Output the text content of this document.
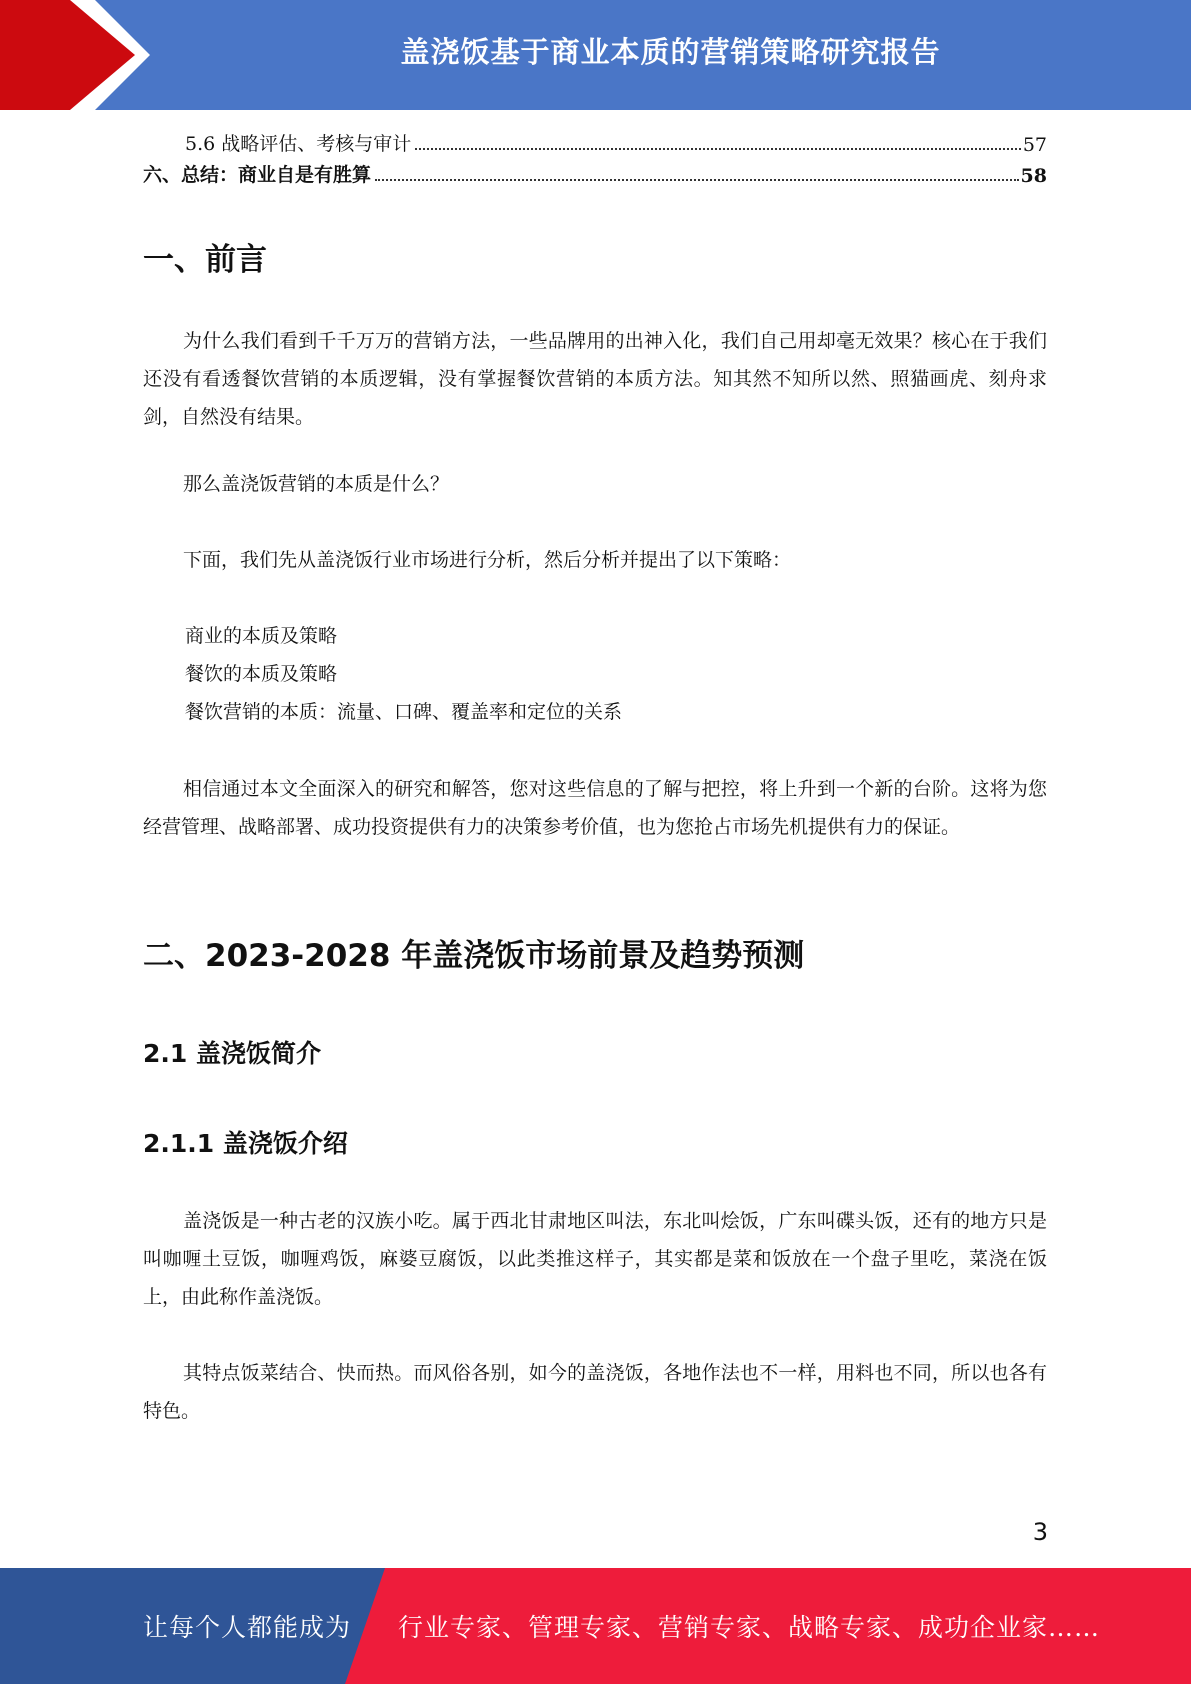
盖浇饭基于商业本质的营销策略研究报告
5.6 战略评估、考核与审计	57
六、总结：商业自是有胜算	58
一、前言
为什么我们看到千千万万的营销方法，一些品牌用的出神入化，我们自己用却毫无效果？核心在于我们还没有看透餐饮营销的本质逻辑，没有掌握餐饮营销的本质方法。知其然不知所以然、照猫画虎、刻舟求剑，自然没有结果。
那么盖浇饭营销的本质是什么？
下面，我们先从盖浇饭行业市场进行分析，然后分析并提出了以下策略：
商业的本质及策略
餐饮的本质及策略
餐饮营销的本质：流量、口碑、覆盖率和定位的关系
相信通过本文全面深入的研究和解答，您对这些信息的了解与把控，将上升到一个新的台阶。这将为您经营管理、战略部署、成功投资提供有力的决策参考价值，也为您抢占市场先机提供有力的保证。
二、2023-2028 年盖浇饭市场前景及趋势预测
2.1 盖浇饭简介
2.1.1 盖浇饭介绍
盖浇饭是一种古老的汉族小吃。属于西北甘肃地区叫法，东北叫烩饭，广东叫碟头饭，还有的地方只是叫咖喱土豆饭，咖喱鸡饭，麻婆豆腐饭，以此类推这样子，其实都是菜和饭放在一个盘子里吃，菜浇在饭上，由此称作盖浇饭。
其特点饭菜结合、快而热。而风俗各别，如今的盖浇饭，各地作法也不一样，用料也不同，所以也各有特色。
3
让每个人都能成为 行业专家、管理专家、营销专家、战略专家、成功企业家……
